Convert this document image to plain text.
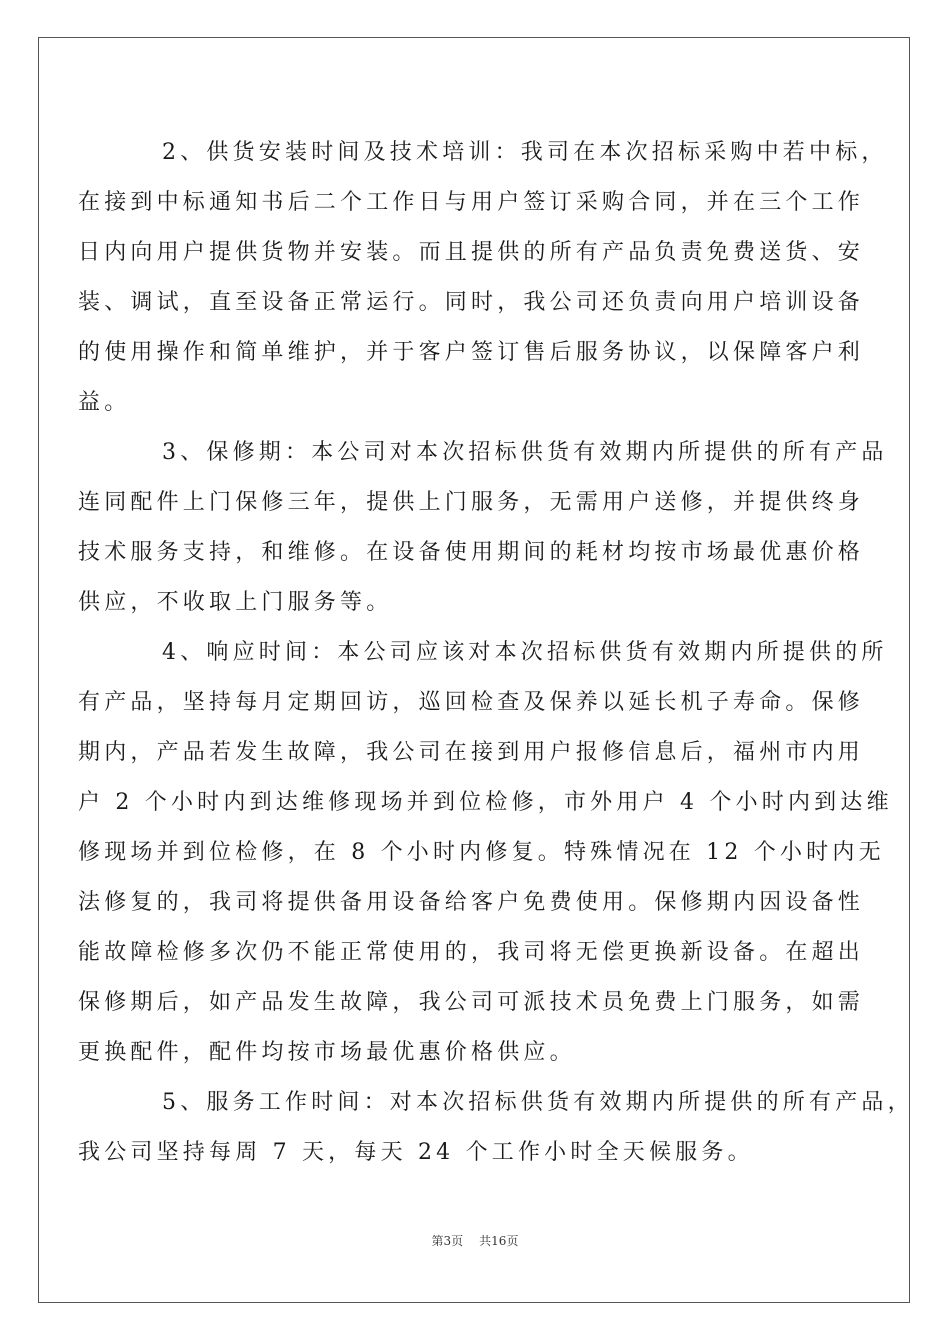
2、供货安装时间及技术培训：我司在本次招标采购中若中标，
在接到中标通知书后二个工作日与用户签订采购合同，并在三个工作
日内向用户提供货物并安装。而且提供的所有产品负责免费送货、安
装、调试，直至设备正常运行。同时，我公司还负责向用户培训设备
的使用操作和简单维护，并于客户签订售后服务协议，以保障客户利
益。
3、保修期：本公司对本次招标供货有效期内所提供的所有产品
连同配件上门保修三年，提供上门服务，无需用户送修，并提供终身
技术服务支持，和维修。在设备使用期间的耗材均按市场最优惠价格
供应，不收取上门服务等。
4、响应时间：本公司应该对本次招标供货有效期内所提供的所
有产品，坚持每月定期回访，巡回检查及保养以延长机子寿命。保修
期内，产品若发生故障，我公司在接到用户报修信息后，福州市内用
户 2 个小时内到达维修现场并到位检修，市外用户 4 个小时内到达维
修现场并到位检修，在 8 个小时内修复。特殊情况在 12 个小时内无
法修复的，我司将提供备用设备给客户免费使用。保修期内因设备性
能故障检修多次仍不能正常使用的，我司将无偿更换新设备。在超出
保修期后，如产品发生故障，我公司可派技术员免费上门服务，如需
更换配件，配件均按市场最优惠价格供应。
5、服务工作时间：对本次招标供货有效期内所提供的所有产品，
我公司坚持每周 7 天，每天 24 个工作小时全天候服务。
第3页 共16页
